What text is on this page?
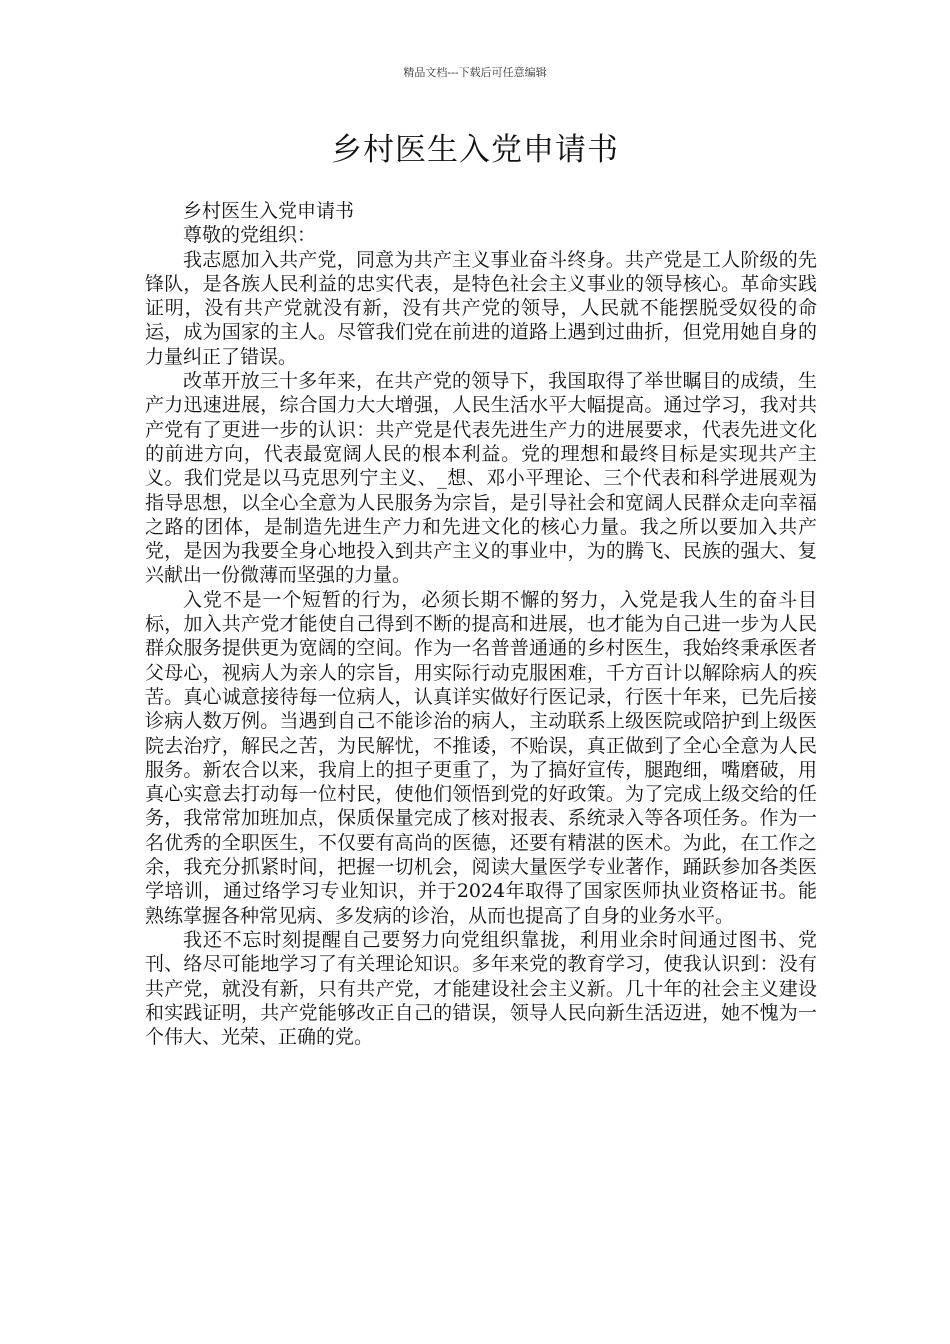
精品文档---下载后可任意编辑
乡村医生入党申请书

乡村医生入党申请书

尊敬的党组织：

我志愿加入共产党，同意为共产主义事业奋斗终身。共产党是工人阶级的先锋队，是各族人民利益的忠实代表，是特色社会主义事业的领导核心。革命实践证明，没有共产党就没有新，没有共产党的领导，人民就不能摆脱受奴役的命运，成为国家的主人。尽管我们党在前进的道路上遇到过曲折，但党用她自身的力量纠正了错误。

改革开放三十多年来，在共产党的领导下，我国取得了举世瞩目的成绩，生产力迅速进展，综合国力大大增强，人民生活水平大幅提高。通过学习，我对共产党有了更进一步的认识：共产党是代表先进生产力的进展要求，代表先进文化的前进方向，代表最宽阔人民的根本利益。党的理想和最终目标是实现共产主义。我们党是以马克思列宁主义、_想、邓小平理论、三个代表和科学进展观为指导思想，以全心全意为人民服务为宗旨，是引导社会和宽阔人民群众走向幸福之路的团体，是制造先进生产力和先进文化的核心力量。我之所以要加入共产党，是因为我要全身心地投入到共产主义的事业中，为的腾飞、民族的强大、复兴献出一份微薄而坚强的力量。

入党不是一个短暂的行为，必须长期不懈的努力，入党是我人生的奋斗目标，加入共产党才能使自己得到不断的提高和进展，也才能为自己进一步为人民群众服务提供更为宽阔的空间。作为一名普普通通的乡村医生，我始终秉承医者父母心，视病人为亲人的宗旨，用实际行动克服困难，千方百计以解除病人的疾苦。真心诚意接待每一位病人，认真详实做好行医记录，行医十年来，已先后接诊病人数万例。当遇到自己不能诊治的病人，主动联系上级医院或陪护到上级医院去治疗，解民之苦，为民解忧，不推诿，不贻误，真正做到了全心全意为人民服务。新农合以来，我肩上的担子更重了，为了搞好宣传，腿跑细，嘴磨破，用真心实意去打动每一位村民，使他们领悟到党的好政策。为了完成上级交给的任务，我常常加班加点，保质保量完成了核对报表、系统录入等各项任务。作为一名优秀的全职医生，不仅要有高尚的医德，还要有精湛的医术。为此，在工作之余，我充分抓紧时间，把握一切机会，阅读大量医学专业著作，踊跃参加各类医学培训，通过络学习专业知识，并于2024年取得了国家医师执业资格证书。能熟练掌握各种常见病、多发病的诊治，从而也提高了自身的业务水平。

我还不忘时刻提醒自己要努力向党组织靠拢，利用业余时间通过图书、党刊、络尽可能地学习了有关理论知识。多年来党的教育学习，使我认识到：没有共产党，就没有新，只有共产党，才能建设社会主义新。几十年的社会主义建设和实践证明，共产党能够改正自己的错误，领导人民向新生活迈进，她不愧为一个伟大、光荣、正确的党。
